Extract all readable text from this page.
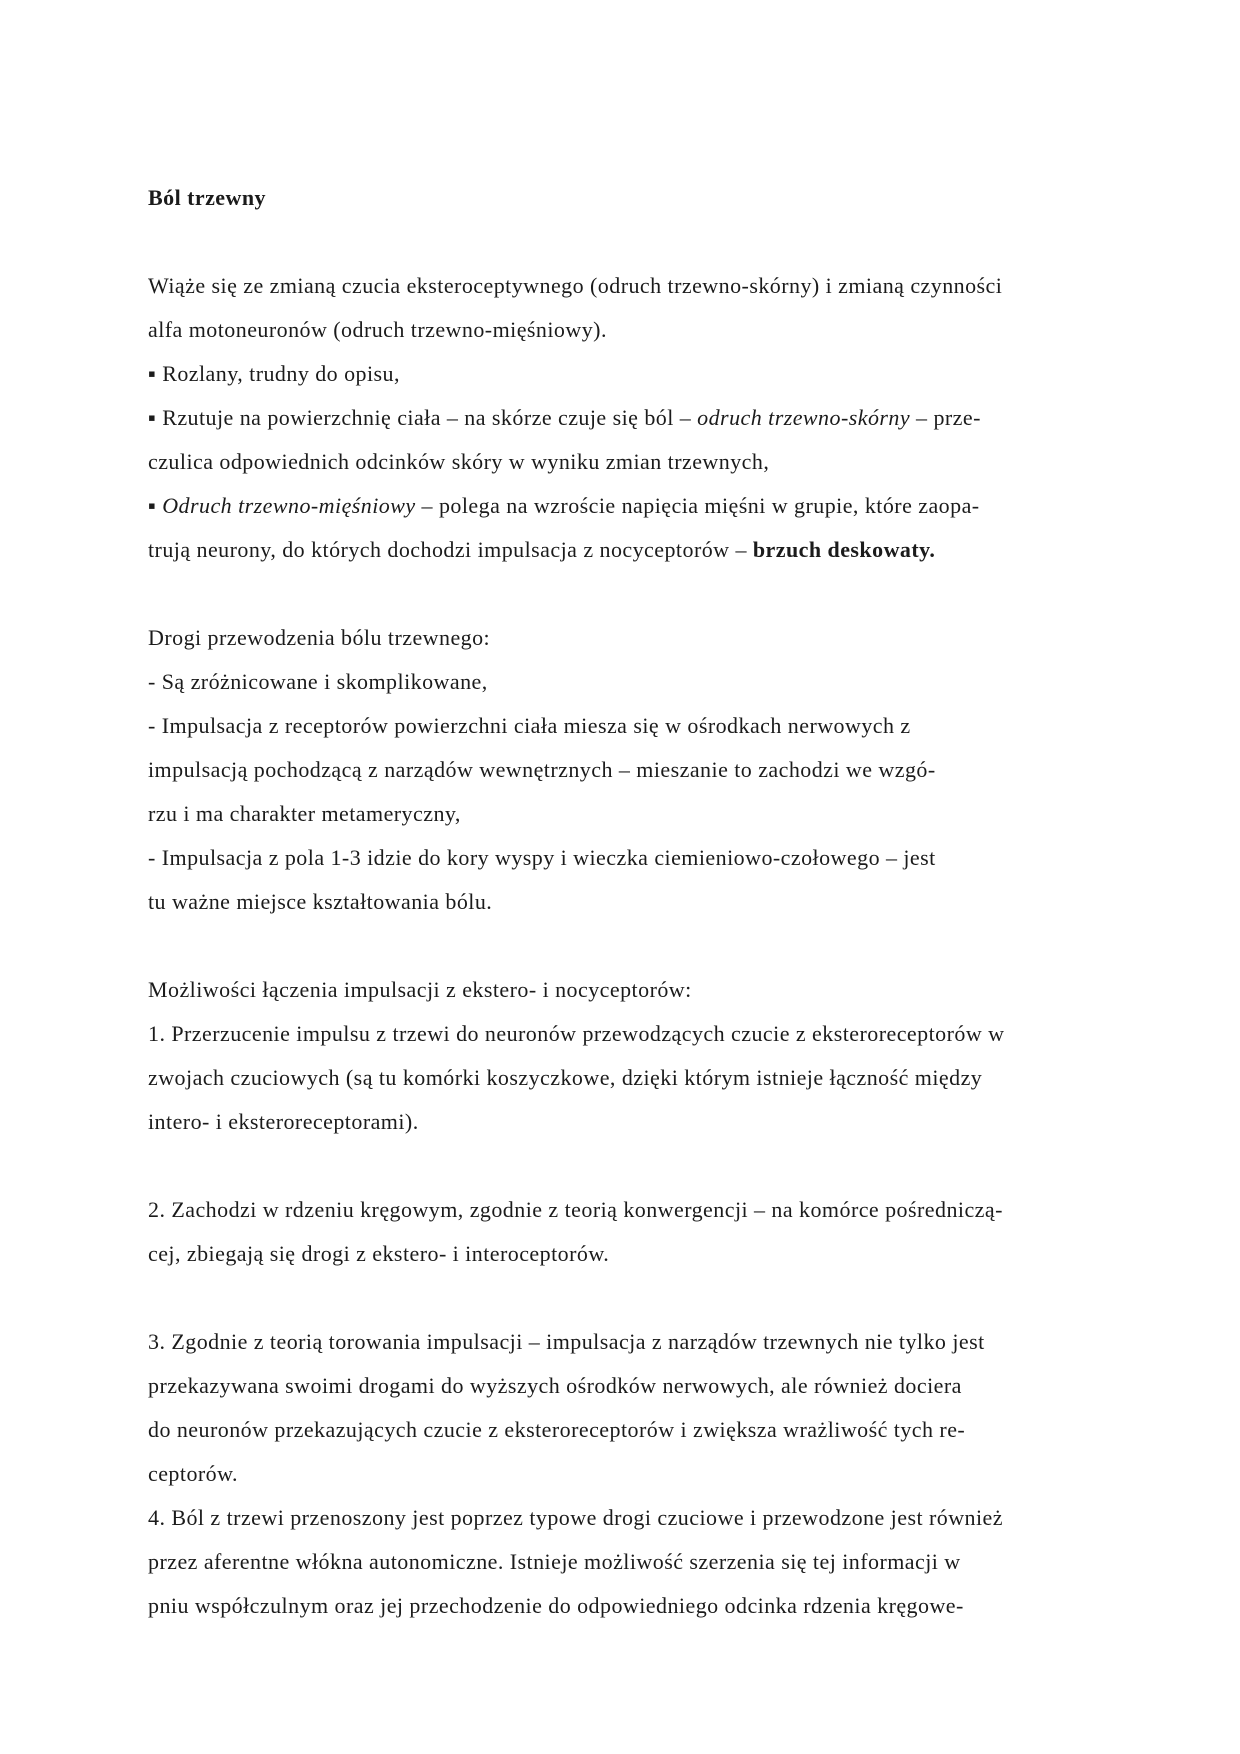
Ból trzewny
Wiąże się ze zmianą czucia eksteroceptywnego (odruch trzewno-skórny) i zmianą czynności
alfa motoneuronów (odruch trzewno-mięśniowy).
▪ Rozlany, trudny do opisu,
▪ Rzutuje na powierzchnię ciała – na skórze czuje się ból – odruch trzewno-skórny – prze-
czulica odpowiednich odcinków skóry w wyniku zmian trzewnych,
▪ Odruch trzewno-mięśniowy – polega na wzroście napięcia mięśni w grupie, które zaopa-
trują neurony, do których dochodzi impulsacja z nocyceptorów – brzuch deskowaty.
Drogi przewodzenia bólu trzewnego:
- Są zróżnicowane i skomplikowane,
- Impulsacja z receptorów powierzchni ciała miesza się w ośrodkach nerwowych z
impulsacją pochodzącą z narządów wewnętrznych – mieszanie to zachodzi we wzgó-
rzu i ma charakter metameryczny,
- Impulsacja z pola 1-3 idzie do kory wyspy i wieczka ciemieniowo-czołowego – jest
tu ważne miejsce kształtowania bólu.
Możliwości łączenia impulsacji z ekstero- i nocyceptorów:
1. Przerzucenie impulsu z trzewi do neuronów przewodzących czucie z eksteroreceptorów w
zwojach czuciowych (są tu komórki koszyczkowe, dzięki którym istnieje łączność między
intero- i eksteroreceptorami).
2. Zachodzi w rdzeniu kręgowym, zgodnie z teorią konwergencji – na komórce pośredniczą-
cej, zbiegają się drogi z ekstero- i interoceptorów.
3. Zgodnie z teorią torowania impulsacji – impulsacja z narządów trzewnych nie tylko jest
przekazywana swoimi drogami do wyższych ośrodków nerwowych, ale również dociera
do neuronów przekazujących czucie z eksteroreceptorów i zwiększa wrażliwość tych re-
ceptorów.
4. Ból z trzewi przenoszony jest poprzez typowe drogi czuciowe i przewodzone jest również
przez aferentne włókna autonomiczne. Istnieje możliwość szerzenia się tej informacji w
pniu współczulnym oraz jej przechodzenie do odpowiedniego odcinka rdzenia kręgowe-
